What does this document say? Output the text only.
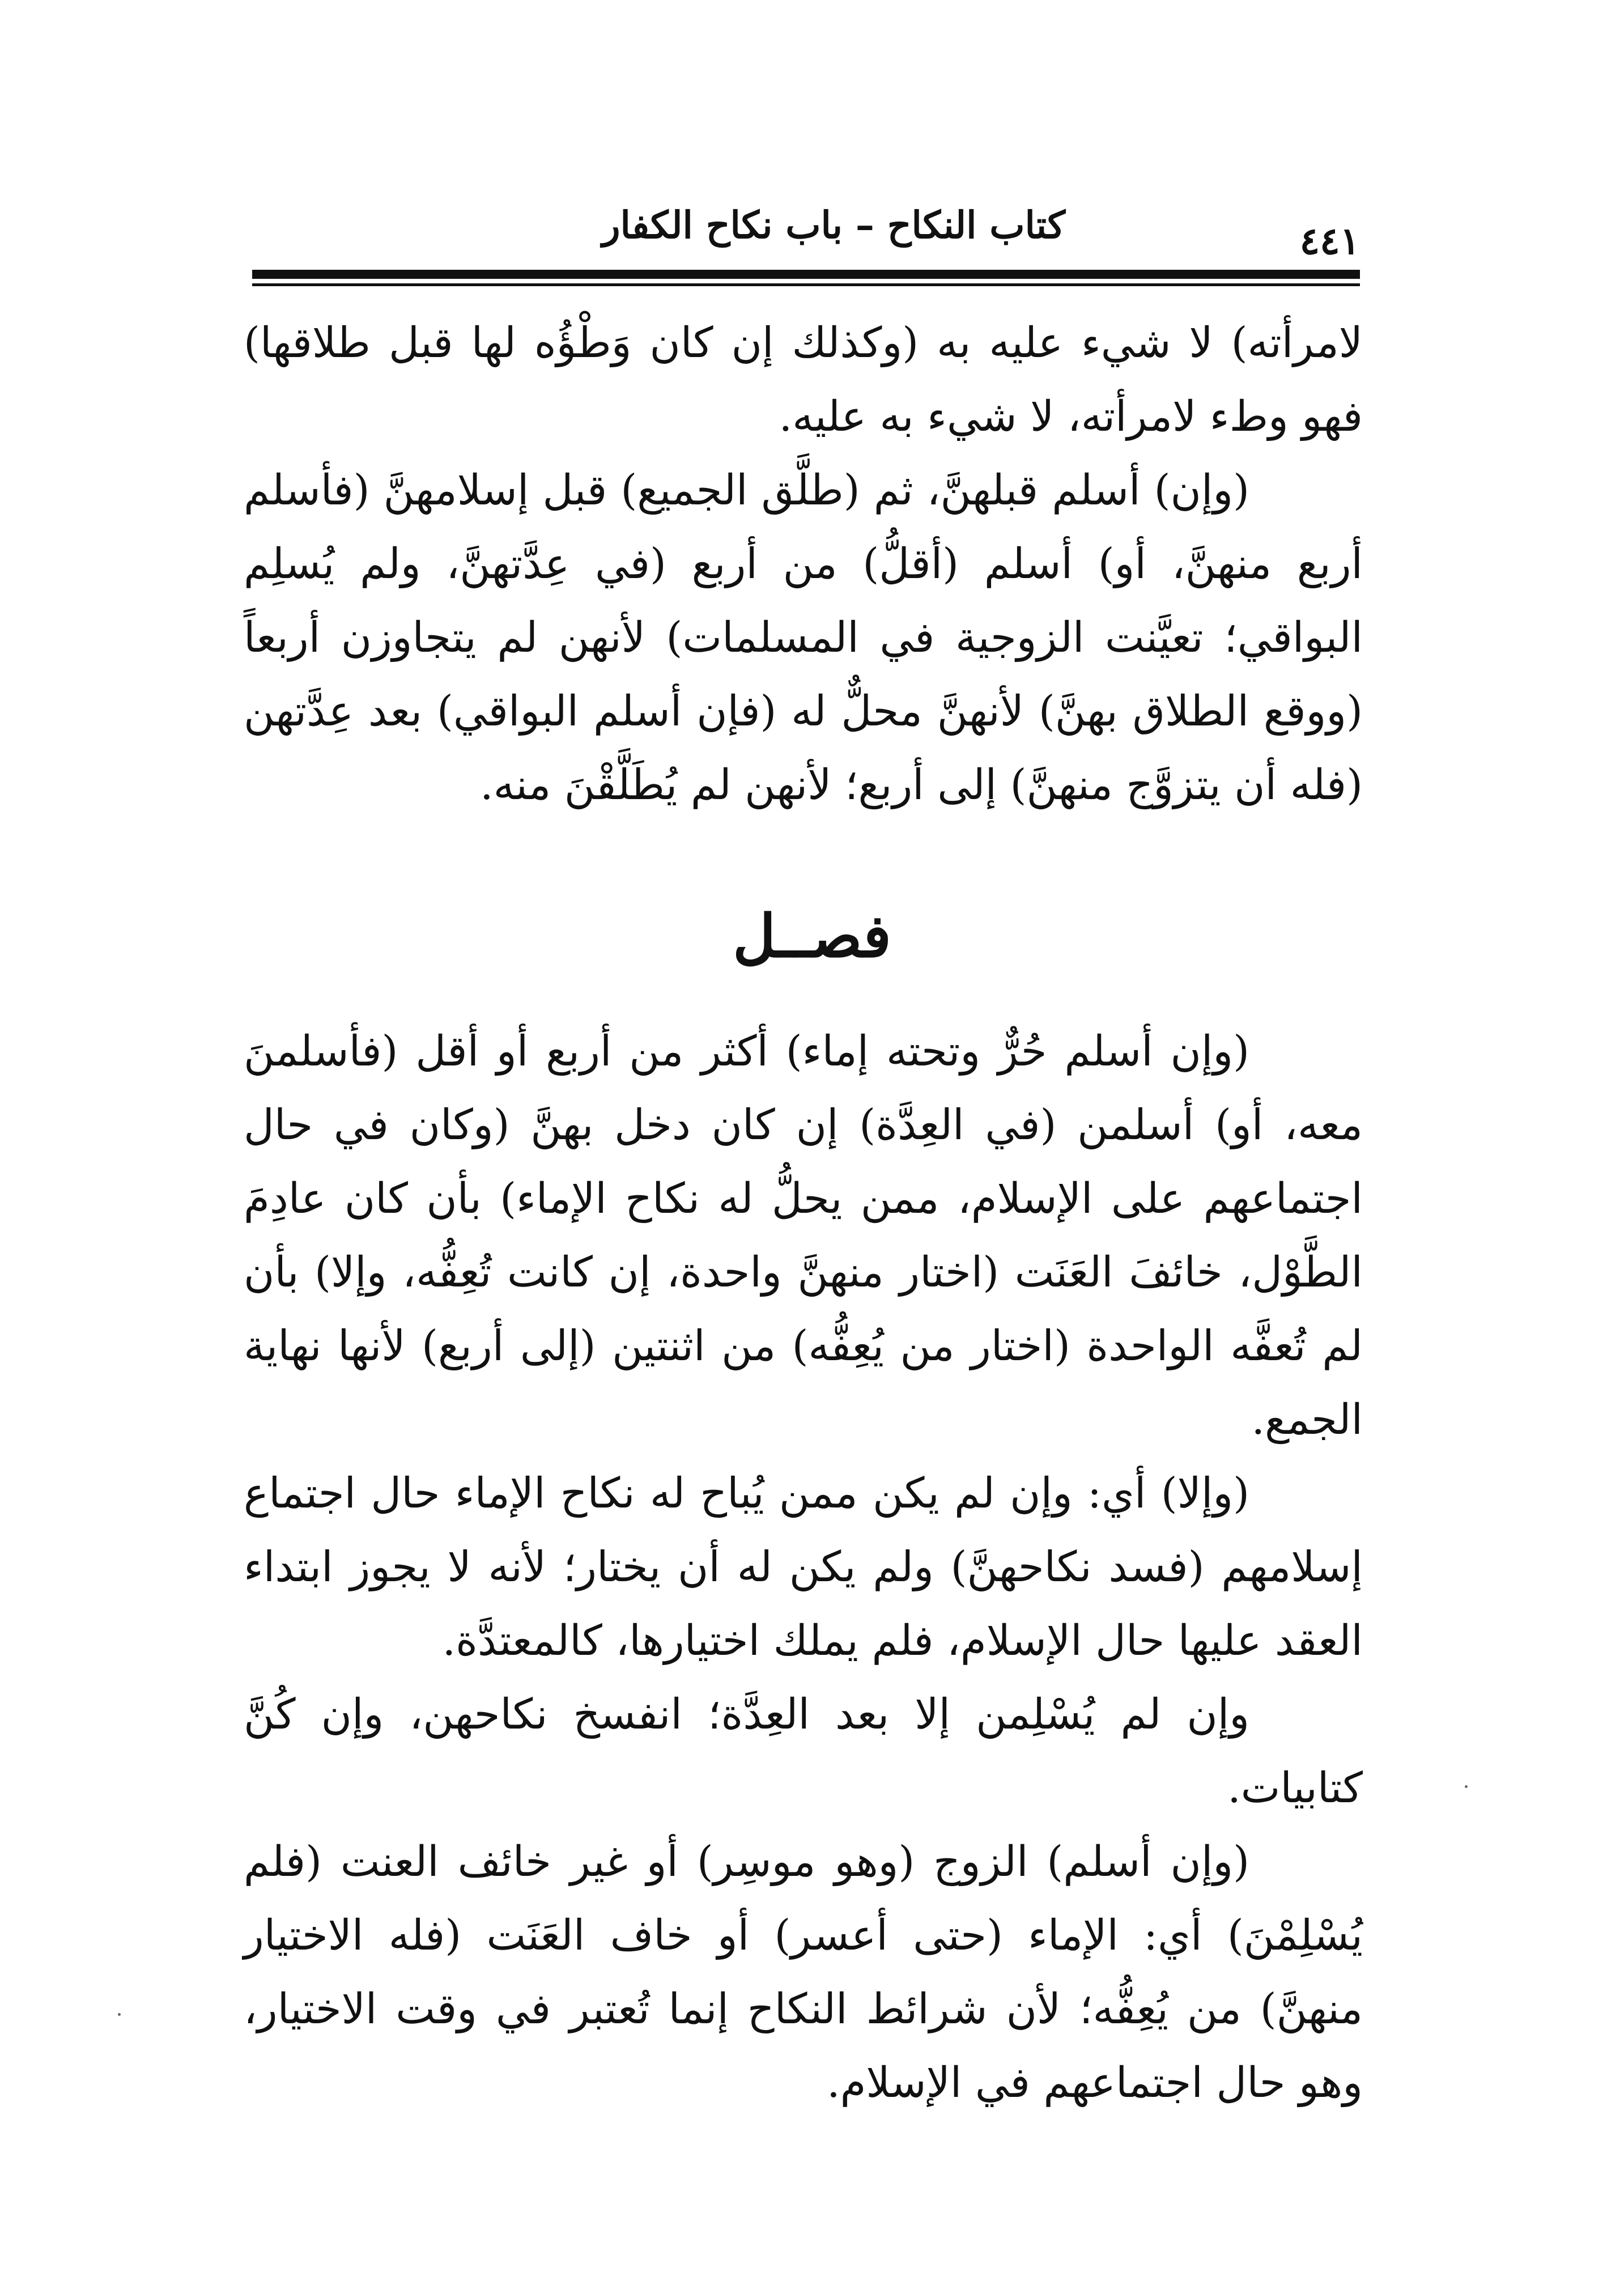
كتاب النكاح – باب نكاح الكفار	٤٤١

لامرأته) لا شيء عليه به (وكذلك إن كان وَطْؤُه لها قبل طلاقها) فهو وطء لامرأته، لا شيء به عليه.

(وإن) أسلم قبلهنَّ، ثم (طلَّق الجميع) قبل إسلامهنَّ (فأسلم أربع منهنَّ، أو) أسلم (أقلُّ) من أربع (في عِدَّتهنَّ، ولم يُسلِم البواقي؛ تعيَّنت الزوجية في المسلمات) لأنهن لم يتجاوزن أربعاً (ووقع الطلاق بهنَّ) لأنهنَّ محلٌّ له (فإن أسلم البواقي) بعد عِدَّتهن (فله أن يتزوَّج منهنَّ) إلى أربع؛ لأنهن لم يُطَلَّقْنَ منه.

فصــل

(وإن أسلم حُرٌّ وتحته إماء) أكثر من أربع أو أقل (فأسلمنَ معه، أو) أسلمن (في العِدَّة) إن كان دخل بهنَّ (وكان في حال اجتماعهم على الإسلام، ممن يحلُّ له نكاح الإماء) بأن كان عادِمَ الطَّوْل، خائفَ العَنَت (اختار منهنَّ واحدة، إن كانت تُعِفُّه، وإلا) بأن لم تُعفَّه الواحدة (اختار من يُعِفُّه) من اثنتين (إلى أربع) لأنها نهاية الجمع.

(وإلا) أي: وإن لم يكن ممن يُباح له نكاح الإماء حال اجتماع إسلامهم (فسد نكاحهنَّ) ولم يكن له أن يختار؛ لأنه لا يجوز ابتداء العقد عليها حال الإسلام، فلم يملك اختيارها، كالمعتدَّة.

وإن لم يُسْلِمن إلا بعد العِدَّة؛ انفسخ نكاحهن، وإن كُنَّ كتابيات.

(وإن أسلم) الزوج (وهو موسِر) أو غير خائف العنت (فلم يُسْلِمْنَ) أي: الإماء (حتى أعسر) أو خاف العَنَت (فله الاختيار منهنَّ) من يُعِفُّه؛ لأن شرائط النكاح إنما تُعتبر في وقت الاختيار، وهو حال اجتماعهم في الإسلام.
